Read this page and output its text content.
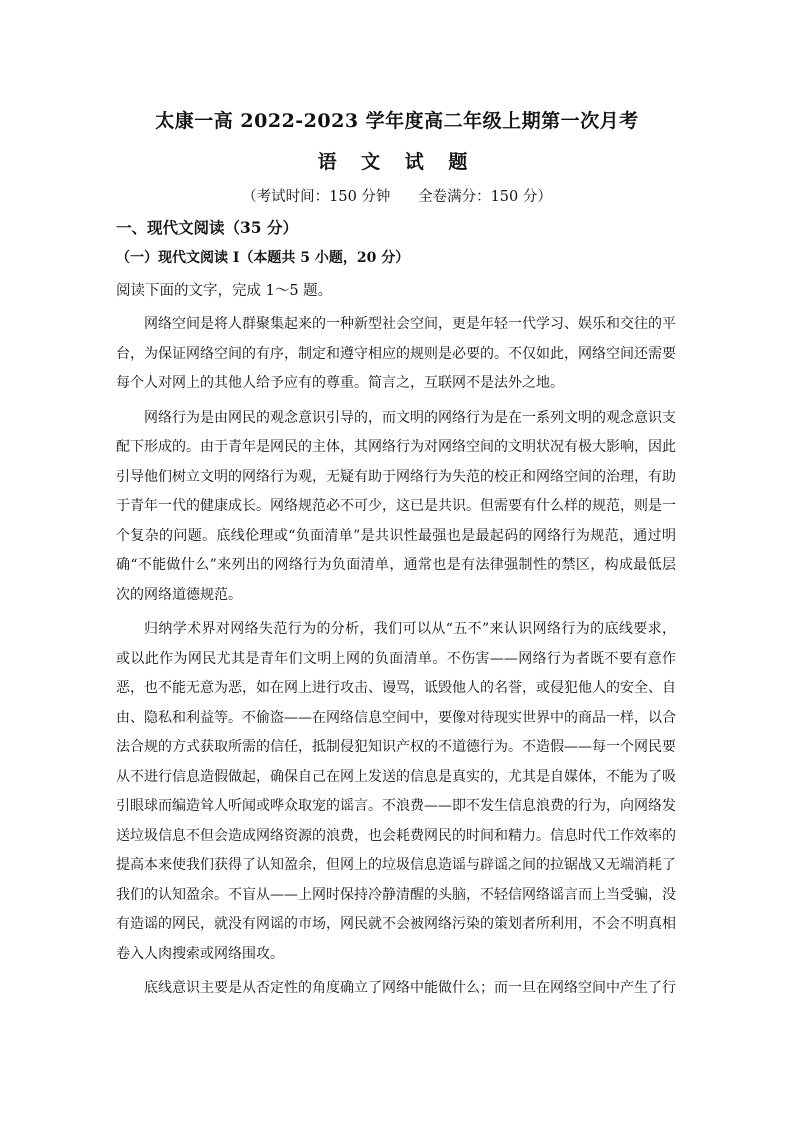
太康一高 2022-2023 学年度高二年级上期第一次月考
语 文 试 题
（考试时间：150 分钟      全卷满分：150 分）
一、现代文阅读（35 分）
（一）现代文阅读 I（本题共 5 小题，20 分）
阅读下面的文字，完成 1～5 题。

网络空间是将人群聚集起来的一种新型社会空间，更是年轻一代学习、娱乐和交往的平台，为保证网络空间的有序，制定和遵守相应的规则是必要的。不仅如此，网络空间还需要每个人对网上的其他人给予应有的尊重。简言之，互联网不是法外之地。

网络行为是由网民的观念意识引导的，而文明的网络行为是在一系列文明的观念意识支配下形成的。由于青年是网民的主体，其网络行为对网络空间的文明状况有极大影响，因此引导他们树立文明的网络行为观，无疑有助于网络行为失范的校正和网络空间的治理，有助于青年一代的健康成长。网络规范必不可少，这已是共识。但需要有什么样的规范，则是一个复杂的问题。底线伦理或“负面清单”是共识性最强也是最起码的网络行为规范，通过明确“不能做什么”来列出的网络行为负面清单，通常也是有法律强制性的禁区，构成最低层次的网络道德规范。

归纳学术界对网络失范行为的分析，我们可以从“五不”来认识网络行为的底线要求，或以此作为网民尤其是青年们文明上网的负面清单。不伤害——网络行为者既不要有意作恶，也不能无意为恶，如在网上进行攻击、谩骂，诋毁他人的名誉，或侵犯他人的安全、自由、隐私和利益等。不偷盗——在网络信息空间中，要像对待现实世界中的商品一样，以合法合规的方式获取所需的信任，抵制侵犯知识产权的不道德行为。不造假——每一个网民要从不进行信息造假做起，确保自己在网上发送的信息是真实的，尤其是自媒体，不能为了吸引眼球而编造耸人听闻或哗众取宠的谣言。不浪费——即不发生信息浪费的行为，向网络发送垃圾信息不但会造成网络资源的浪费，也会耗费网民的时间和精力。信息时代工作效率的提高本来使我们获得了认知盈余，但网上的垃圾信息造谣与辟谣之间的拉锯战又无端消耗了我们的认知盈余。不盲从——上网时保持冷静清醒的头脑，不轻信网络谣言而上当受骗，没有造谣的网民，就没有网谣的市场，网民就不会被网络污染的策划者所利用，不会不明真相卷入人肉搜索或网络围攻。

底线意识主要是从否定性的角度确立了网络中能做什么；而一旦在网络空间中产生了行
